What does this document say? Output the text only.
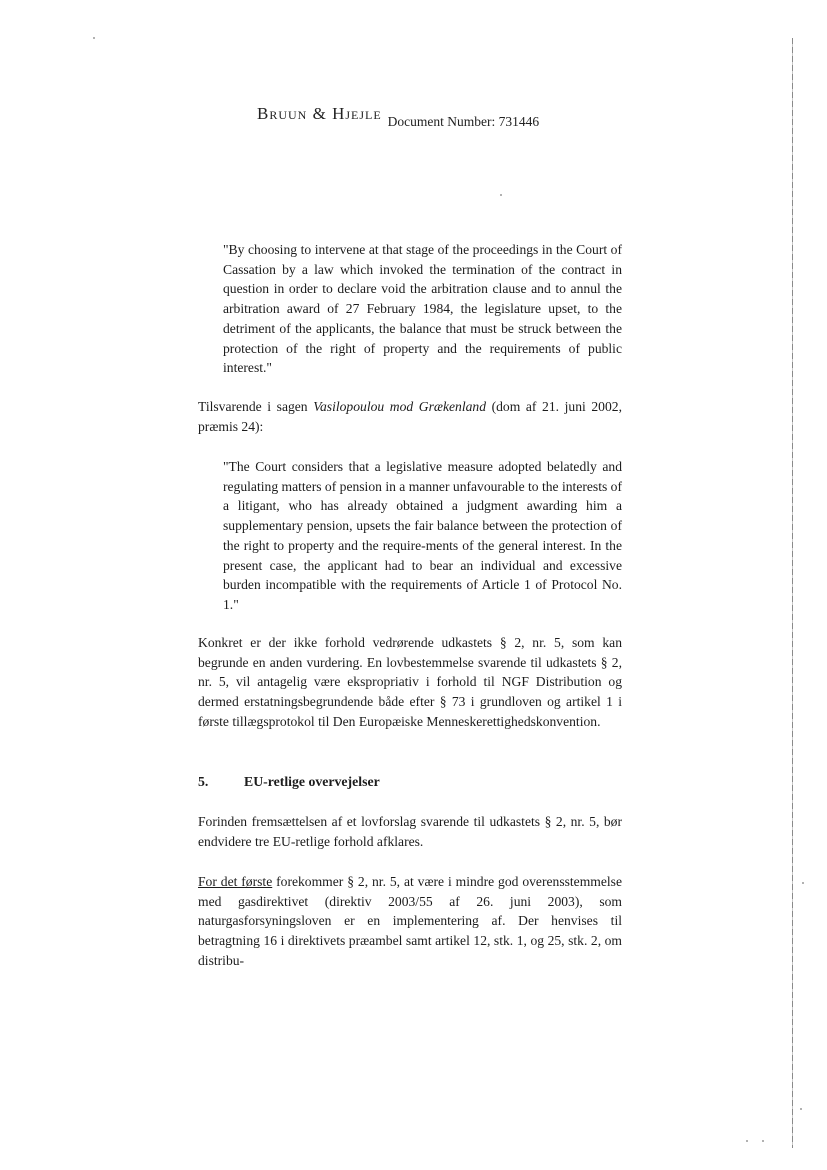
Bruun & Hjejle $_{Document Number: 731446}$
"By choosing to intervene at that stage of the proceedings in the Court of Cassation by a law which invoked the termination of the contract in question in order to declare void the arbitration clause and to annul the arbitration award of 27 February 1984, the legislature upset, to the detriment of the applicants, the balance that must be struck between the protection of the right of property and the requirements of public interest."
Tilsvarende i sagen Vasilopoulou mod Grækenland (dom af 21. juni 2002, præmis 24):
"The Court considers that a legislative measure adopted belatedly and regulating matters of pension in a manner unfavourable to the interests of a litigant, who has already obtained a judgment awarding him a supplementary pension, upsets the fair balance between the protection of the right to property and the require-ments of the general interest. In the present case, the applicant had to bear an individual and excessive burden incompatible with the requirements of Article 1 of Protocol No. 1."
Konkret er der ikke forhold vedrørende udkastets § 2, nr. 5, som kan begrunde en anden vurdering. En lovbestemmelse svarende til udkastets § 2, nr. 5, vil antagelig være ekspropriativ i forhold til NGF Distribution og dermed erstatningsbegrundende både efter § 73 i grundloven og artikel 1 i første tillægsprotokol til Den Europæiske Menneskerettighedskonvention.
5.	EU-retlige overvejelser
Forinden fremsættelsen af et lovforslag svarende til udkastets § 2, nr. 5, bør endvidere tre EU-retlige forhold afklares.
For det første forekommer § 2, nr. 5, at være i mindre god overensstemmelse med gasdirektivet (direktiv 2003/55 af 26. juni 2003), som naturgasforsyningsloven er en implementering af. Der henvises til betragtning 16 i direktivets præambel samt artikel 12, stk. 1, og 25, stk. 2, om distribu-
